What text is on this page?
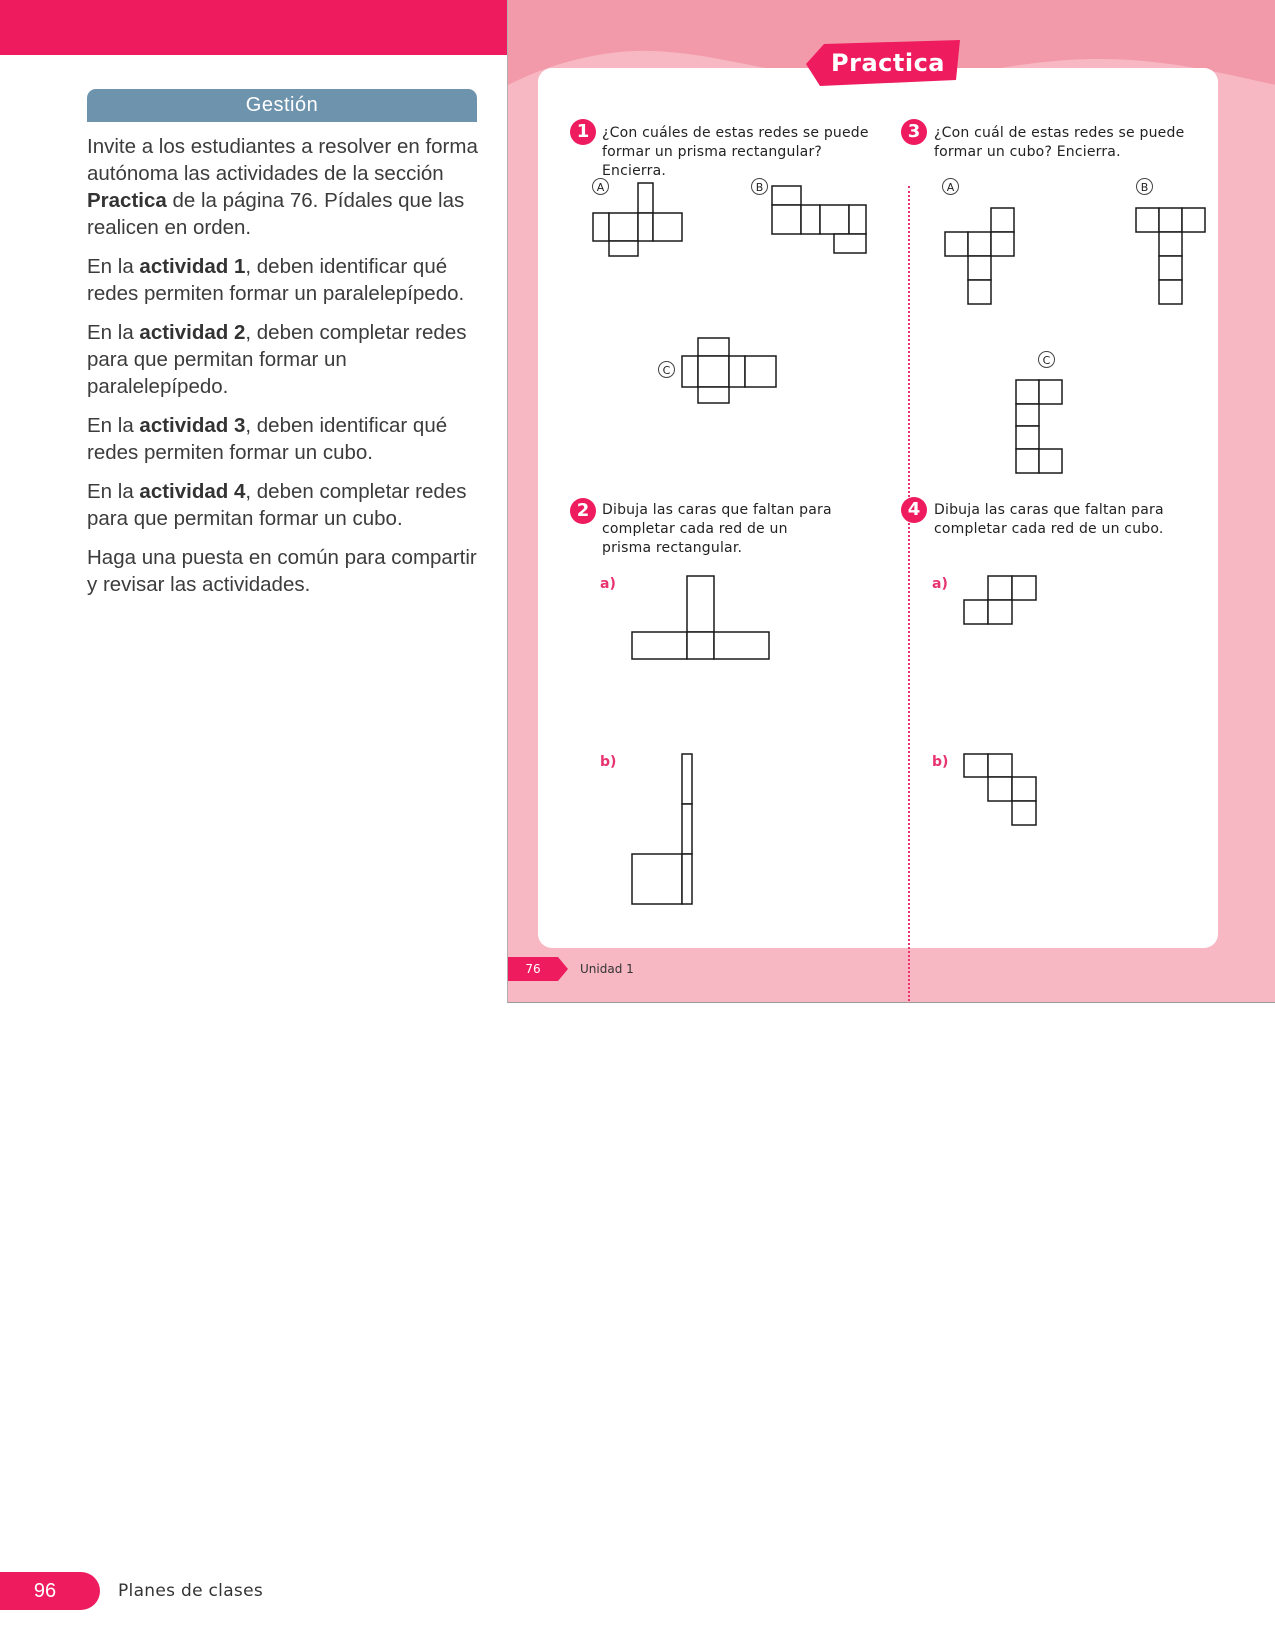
Gestión

Invite a los estudiantes a resolver en forma autónoma las actividades de la sección Practica de la página 76. Pídales que las realicen en orden.

En la actividad 1, deben identificar qué redes permiten formar un paralelepípedo.

En la actividad 2, deben completar redes para que permitan formar un paralelepípedo.

En la actividad 3, deben identificar qué redes permiten formar un cubo.

En la actividad 4, deben completar redes para que permitan formar un cubo.

Haga una puesta en común para compartir y revisar las actividades.

1 ¿Con cuáles de estas redes se puede formar un prisma rectangular? Encierra.
A	B
C
2 Dibuja las caras que faltan para completar cada red de un prisma rectangular.
a)
b)
3 ¿Con cuál de estas redes se puede formar un cubo? Encierra.
A	B
C
4 Dibuja las caras que faltan para completar cada red de un cubo.
a)
b)
Practica
76	Unidad 1
96	Planes de clases
